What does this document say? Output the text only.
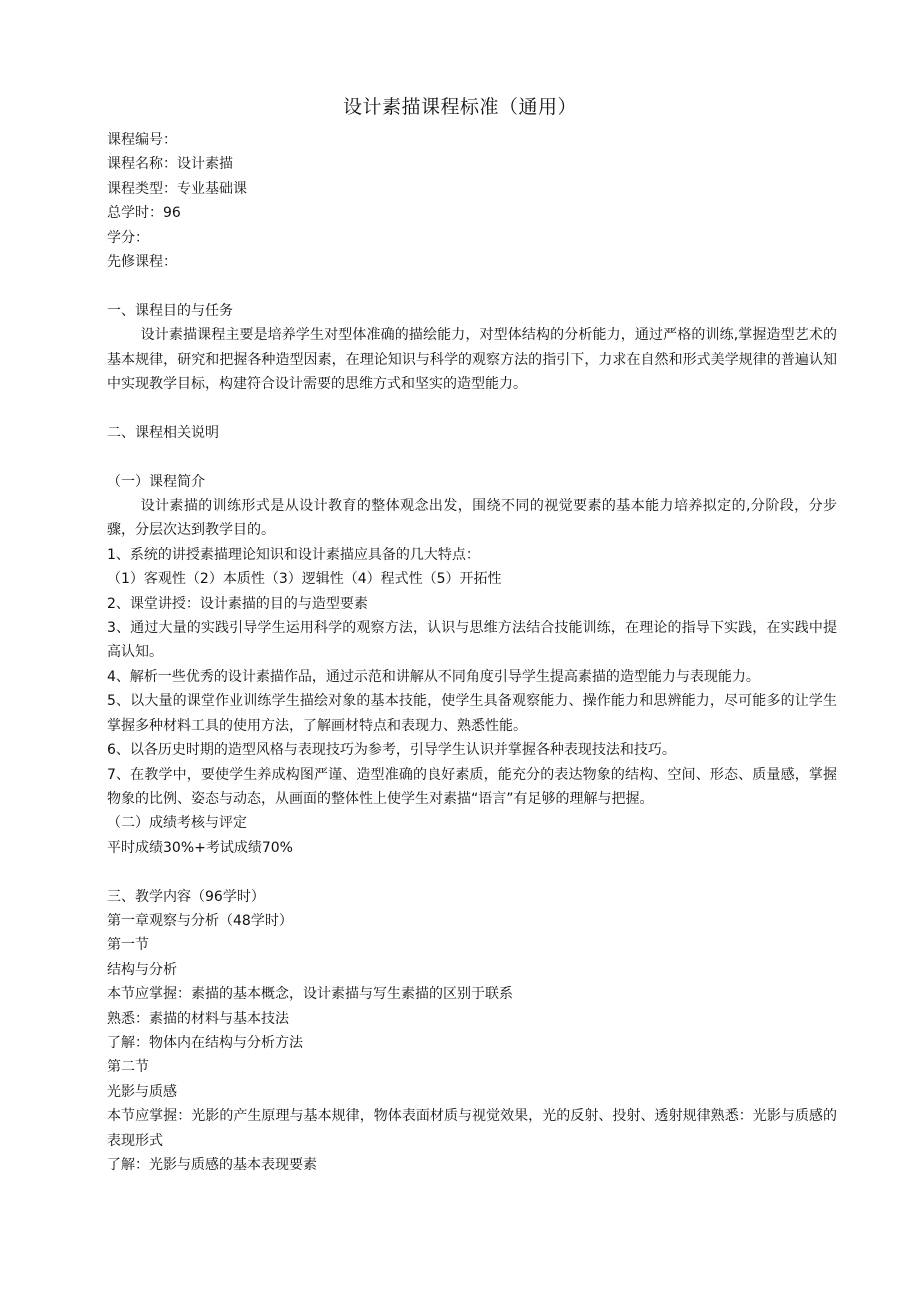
设计素描课程标准（通用）

课程编号：

课程名称：设计素描

课程类型：专业基础课

总学时：96

学分：

先修课程：

一、课程目的与任务

设计素描课程主要是培养学生对型体准确的描绘能力，对型体结构的分析能力，通过严格的训练,掌握造型艺术的基本规律，研究和把握各种造型因素，在理论知识与科学的观察方法的指引下，力求在自然和形式美学规律的普遍认知中实现教学目标，构建符合设计需要的思维方式和坚实的造型能力。

二、课程相关说明

（一）课程简介

设计素描的训练形式是从设计教育的整体观念出发，围绕不同的视觉要素的基本能力培养拟定的,分阶段，分步骤，分层次达到教学目的。

1、系统的讲授素描理论知识和设计素描应具备的几大特点：

（1）客观性（2）本质性（3）逻辑性（4）程式性（5）开拓性

2、课堂讲授：设计素描的目的与造型要素

3、通过大量的实践引导学生运用科学的观察方法，认识与思维方法结合技能训练，在理论的指导下实践，在实践中提高认知。

4、解析一些优秀的设计素描作品，通过示范和讲解从不同角度引导学生提高素描的造型能力与表现能力。

5、以大量的课堂作业训练学生描绘对象的基本技能，使学生具备观察能力、操作能力和思辨能力，尽可能多的让学生掌握多种材料工具的使用方法，了解画材特点和表现力、熟悉性能。

6、以各历史时期的造型风格与表现技巧为参考，引导学生认识并掌握各种表现技法和技巧。

7、在教学中，要使学生养成构图严谨、造型准确的良好素质，能充分的表达物象的结构、空间、形态、质量感，掌握物象的比例、姿态与动态，从画面的整体性上使学生对素描“语言”有足够的理解与把握。

（二）成绩考核与评定

平时成绩30%+考试成绩70%

三、教学内容（96学时）

第一章观察与分析（48学时）

第一节

结构与分析

本节应掌握：素描的基本概念，设计素描与写生素描的区别于联系

熟悉：素描的材料与基本技法

了解：物体内在结构与分析方法

第二节

光影与质感

本节应掌握：光影的产生原理与基本规律，物体表面材质与视觉效果，光的反射、投射、透射规律熟悉：光影与质感的表现形式

了解：光影与质感的基本表现要素
